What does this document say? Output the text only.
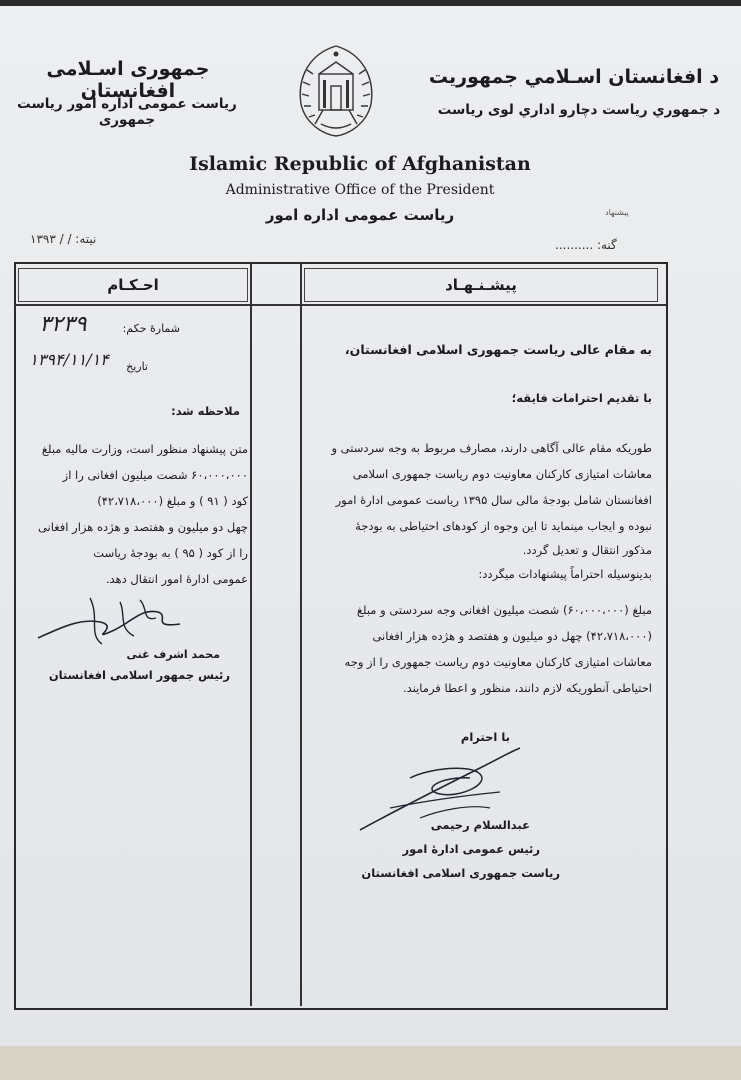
جمهوری اسـلامی افغانستان
ریاست عمومی اداره امور ریاست جمهوری
د افغانستان اسـلامي جمهوريت
د جمهوري رياست دچارو اداري لوی رياست
Islamic Republic of Afghanistan
Administrative Office of the President
ریاست عمومی اداره امور	پیشنهاد
نیته: / / ۱۳۹۳	گنه: ..........
احـکـام	پیشـنـهـاد
شمارهٔ حکم:
۳۲۳۹
تاریخ
۱۳۹۴/۱۱/۱۴
ملاحظه شد:
متن پیشنهاد منظور است، وزارت مالیه مبلغ
۶۰،۰۰۰،۰۰۰ شصت میلیون افغانی را از
کود ( ۹۱ ) و مبلغ (۴۲،۷۱۸،۰۰۰)
چهل دو میلیون و هفتصد و هژده هزار افغانی
را از کود ( ۹۵ ) به بودجهٔ ریاست
عمومی ادارهٔ امور انتقال دهد.
محمد اشرف غنی
رئیس جمهور اسلامی افغانستان
به مقام عالی ریاست جمهوری اسلامی افغانستان،
با تقدیم احترامات فایقه؛
طوریکه مقام عالی آگاهی دارند، مصارف مربوط به وجه سردستی و
معاشات امتیازی کارکنان معاونیت دوم ریاست جمهوری اسلامی
افغانستان شامل بودجهٔ مالی سال ۱۳۹۵ ریاست عمومی ادارهٔ امور
نبوده و ایجاب مینماید تا این وجوه از کودهای احتیاطی به بودجهٔ
مذکور انتقال و تعدیل گردد.
بدینوسیله احتراماً پیشنهادات میگردد:
مبلغ (۶۰،۰۰۰،۰۰۰) شصت میلیون افغانی وجه سردستی و مبلغ
(۴۲،۷۱۸،۰۰۰) چهل دو میلیون و هفتصد و هژده هزار افغانی
معاشات امتیازی کارکنان معاونیت دوم ریاست جمهوری را از وجه
احتیاطی آنطوریکه لازم دانند، منظور و اعطا فرمایند.
با احترام
عبدالسلام رحیمی
رئیس عمومی ادارهٔ امور
ریاست جمهوری اسلامی افغانستان
